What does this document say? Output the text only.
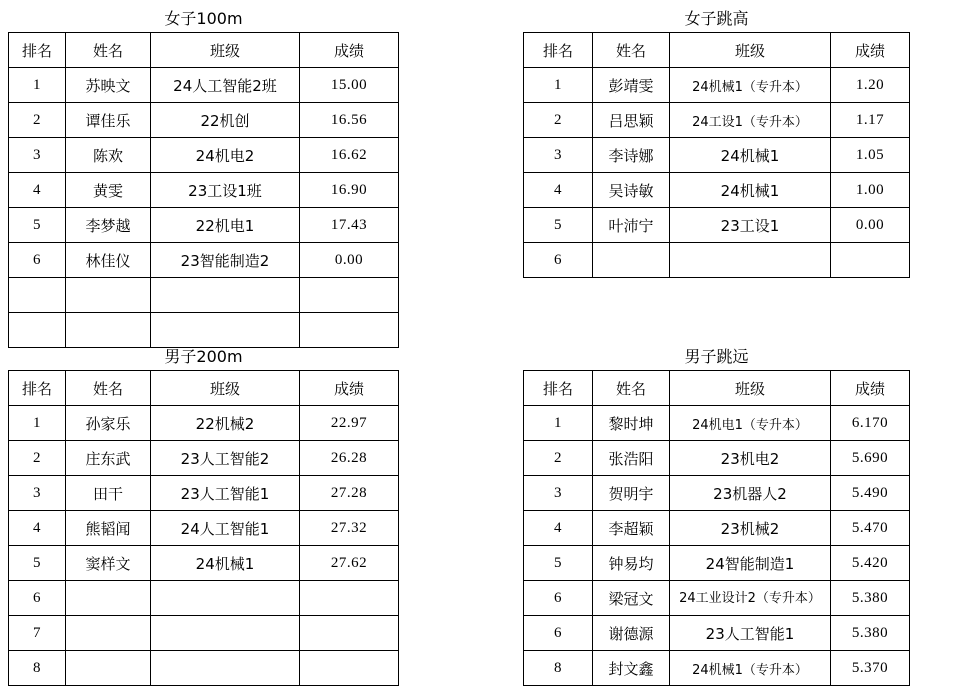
女子100m			
排名	姓名	班级	成绩
1	苏映文	24人工智能2班	15.00
2	谭佳乐	22机创	16.56
3	陈欢	24机电2	16.62
4	黄雯	23工设1班	16.90
5	李梦越	22机电1	17.43
6	林佳仪	23智能制造2	0.00

女子跳高			
排名	姓名	班级	成绩
1	彭靖雯	24机械1（专升本）	1.20
2	吕思颖	24工设1（专升本）	1.17
3	李诗娜	24机械1	1.05
4	吴诗敏	24机械1	1.00
5	叶沛宁	23工设1	0.00
6			

男子200m			
排名	姓名	班级	成绩
1	孙家乐	22机械2	22.97
2	庄东武	23人工智能2	26.28
3	田干	23人工智能1	27.28
4	熊韬闻	24人工智能1	27.32
5	窦样文	24机械1	27.62
6			
7			
8			
男子跳远			
排名	姓名	班级	成绩
1	黎时坤	24机电1（专升本）	6.170
2	张浩阳	23机电2	5.690
3	贺明宇	23机器人2	5.490
4	李超颖	23机械2	5.470
5	钟易均	24智能制造1	5.420
6	梁冠文	24工业设计2（专升本）	5.380
6	谢德源	23人工智能1	5.380
8	封文鑫	24机械1（专升本）	5.370
